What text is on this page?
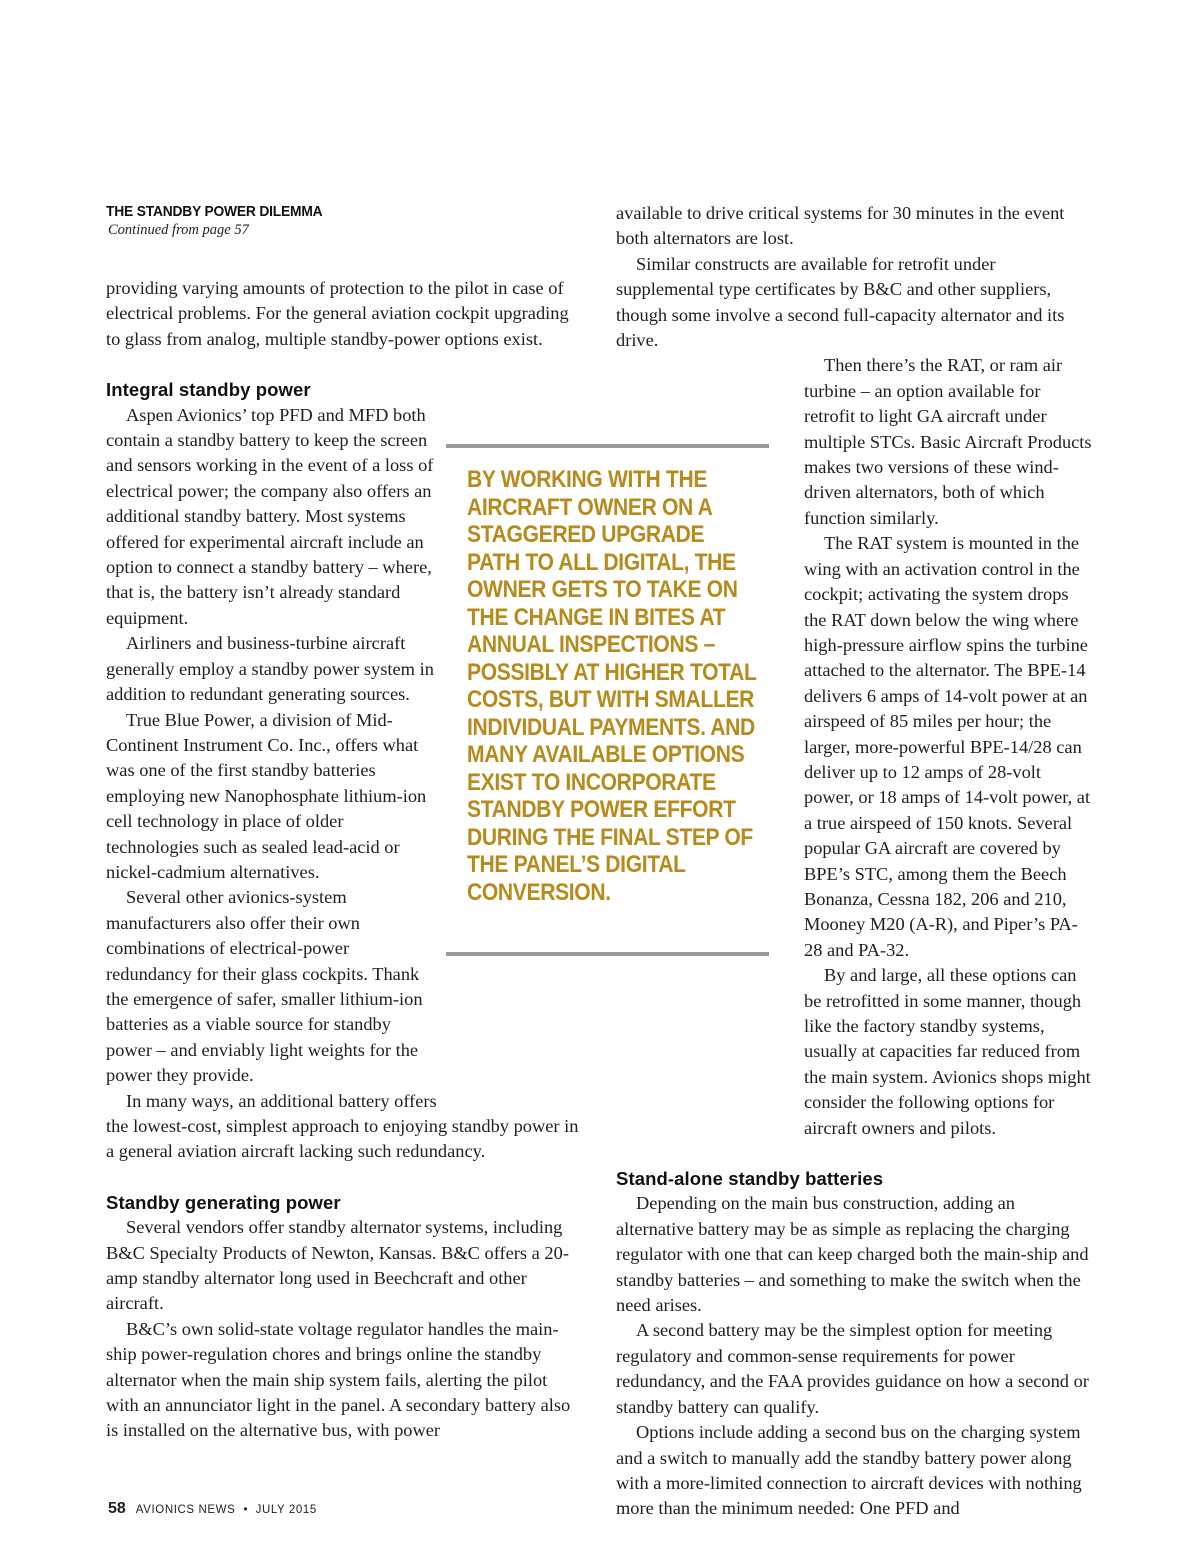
THE STANDBY POWER DILEMMA
Continued from page 57

providing varying amounts of protection to the pilot in case of electrical problems. For the general aviation cockpit upgrading to glass from analog, multiple standby-power options exist.

Integral standby power

Aspen Avionics’ top PFD and MFD both contain a standby battery to keep the screen and sensors working in the event of a loss of electrical power; the company also offers an additional standby battery. Most systems offered for experimental aircraft include an option to connect a standby battery – where, that is, the battery isn’t already standard equipment.

Airliners and business-turbine aircraft generally employ a standby power system in addition to redundant generating sources.

True Blue Power, a division of Mid-Continent Instrument Co. Inc., offers what was one of the first standby batteries employing new Nanophosphate lithium-ion cell technology in place of older technologies such as sealed lead-acid or nickel-cadmium alternatives.

Several other avionics-system manufacturers also offer their own combinations of electrical-power redundancy for their glass cockpits. Thank the emergence of safer, smaller lithium-ion batteries as a viable source for standby power – and enviably light weights for the power they provide.

In many ways, an additional battery offers the lowest-cost, simplest approach to enjoying standby power in a general aviation aircraft lacking such redundancy.

Standby generating power

Several vendors offer standby alternator systems, including B&C Specialty Products of Newton, Kansas. B&C offers a 20-amp standby alternator long used in Beechcraft and other aircraft.

B&C’s own solid-state voltage regulator handles the main-ship power-regulation chores and brings online the standby alternator when the main ship system fails, alerting the pilot with an annunciator light in the panel. A secondary battery also is installed on the alternative bus, with power

available to drive critical systems for 30 minutes in the event both alternators are lost.

Similar constructs are available for retrofit under supplemental type certificates by B&C and other suppliers, though some involve a second full-capacity alternator and its drive.

Then there’s the RAT, or ram air turbine – an option available for retrofit to light GA aircraft under multiple STCs. Basic Aircraft Products makes two versions of these wind-driven alternators, both of which function similarly.

The RAT system is mounted in the wing with an activation control in the cockpit; activating the system drops the RAT down below the wing where high-pressure airflow spins the turbine attached to the alternator. The BPE-14 delivers 6 amps of 14-volt power at an airspeed of 85 miles per hour; the larger, more-powerful BPE-14/28 can deliver up to 12 amps of 28-volt power, or 18 amps of 14-volt power, at a true airspeed of 150 knots. Several popular GA aircraft are covered by BPE’s STC, among them the Beech Bonanza, Cessna 182, 206 and 210, Mooney M20 (A-R), and Piper’s PA-28 and PA-32.

By and large, all these options can be retrofitted in some manner, though like the factory standby systems, usually at capacities far reduced from the main system. Avionics shops might consider the following options for aircraft owners and pilots.

Stand-alone standby batteries

Depending on the main bus construction, adding an alternative battery may be as simple as replacing the charging regulator with one that can keep charged both the main-ship and standby batteries – and something to make the switch when the need arises.

A second battery may be the simplest option for meeting regulatory and common-sense requirements for power redundancy, and the FAA provides guidance on how a second or standby battery can qualify.

Options include adding a second bus on the charging system and a switch to manually add the standby battery power along with a more-limited connection to aircraft devices with nothing more than the minimum needed: One PFD and

BY WORKING WITH THE AIRCRAFT OWNER ON A STAGGERED UPGRADE PATH TO ALL DIGITAL, THE OWNER GETS TO TAKE ON THE CHANGE IN BITES AT ANNUAL INSPECTIONS – POSSIBLY AT HIGHER TOTAL COSTS, BUT WITH SMALLER INDIVIDUAL PAYMENTS. AND MANY AVAILABLE OPTIONS EXIST TO INCORPORATE STANDBY POWER EFFORT DURING THE FINAL STEP OF THE PANEL’S DIGITAL CONVERSION.
58 AVIONICS NEWS • JULY 2015
